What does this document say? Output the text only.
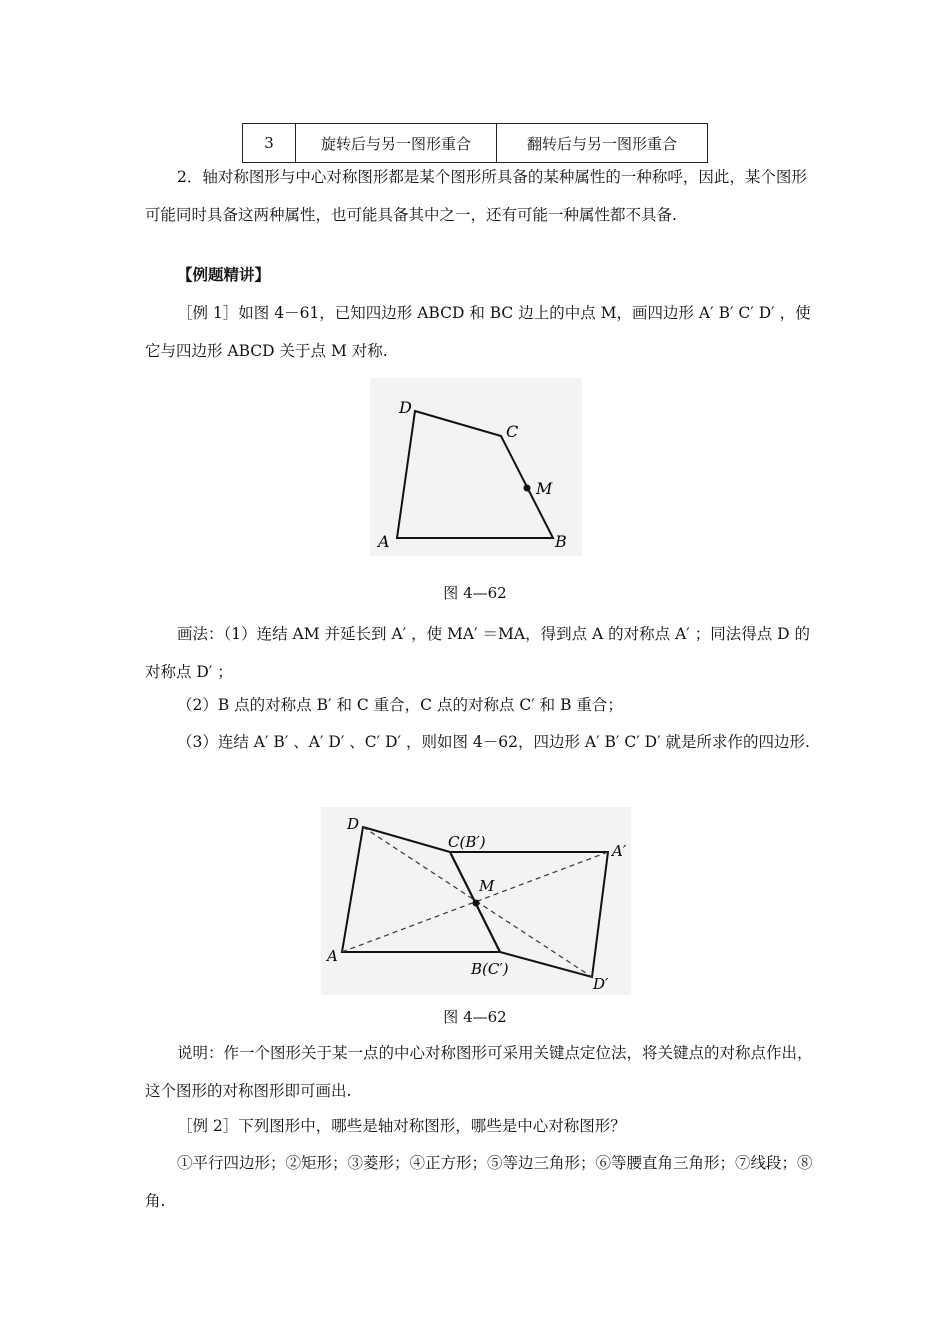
3	旋转后与另一图形重合	翻转后与另一图形重合
2．轴对称图形与中心对称图形都是某个图形所具备的某种属性的一种称呼，因此，某个图形可能同时具备这两种属性，也可能具备其中之一，还有可能一种属性都不具备.
【例题精讲】
［例 1］如图 4－61，已知四边形 ABCD 和 BC 边上的中点 M，画四边形 A′ B′ C′ D′ ，使它与四边形 ABCD 关于点 M 对称.
D
C
M
A	B
图 4—62
画法：（1）连结 AM 并延长到 A′ ，使 MA′ ＝MA，得到点 A 的对称点 A′ ；同法得点 D 的对称点 D′ ；
（2）B 点的对称点 B′ 和 C 重合，C 点的对称点 C′ 和 B 重合；
（3）连结 A′ B′ 、A′ D′ 、C′ D′ ，则如图 4－62，四边形 A′ B′ C′ D′ 就是所求作的四边形.
D
C(B′)	A′
M
A
B(C′)
D′
图 4—62
说明：作一个图形关于某一点的中心对称图形可采用关键点定位法，将关键点的对称点作出，这个图形的对称图形即可画出.
［例 2］下列图形中，哪些是轴对称图形，哪些是中心对称图形？
①平行四边形；②矩形；③菱形；④正方形；⑤等边三角形；⑥等腰直角三角形；⑦线段；⑧角.
